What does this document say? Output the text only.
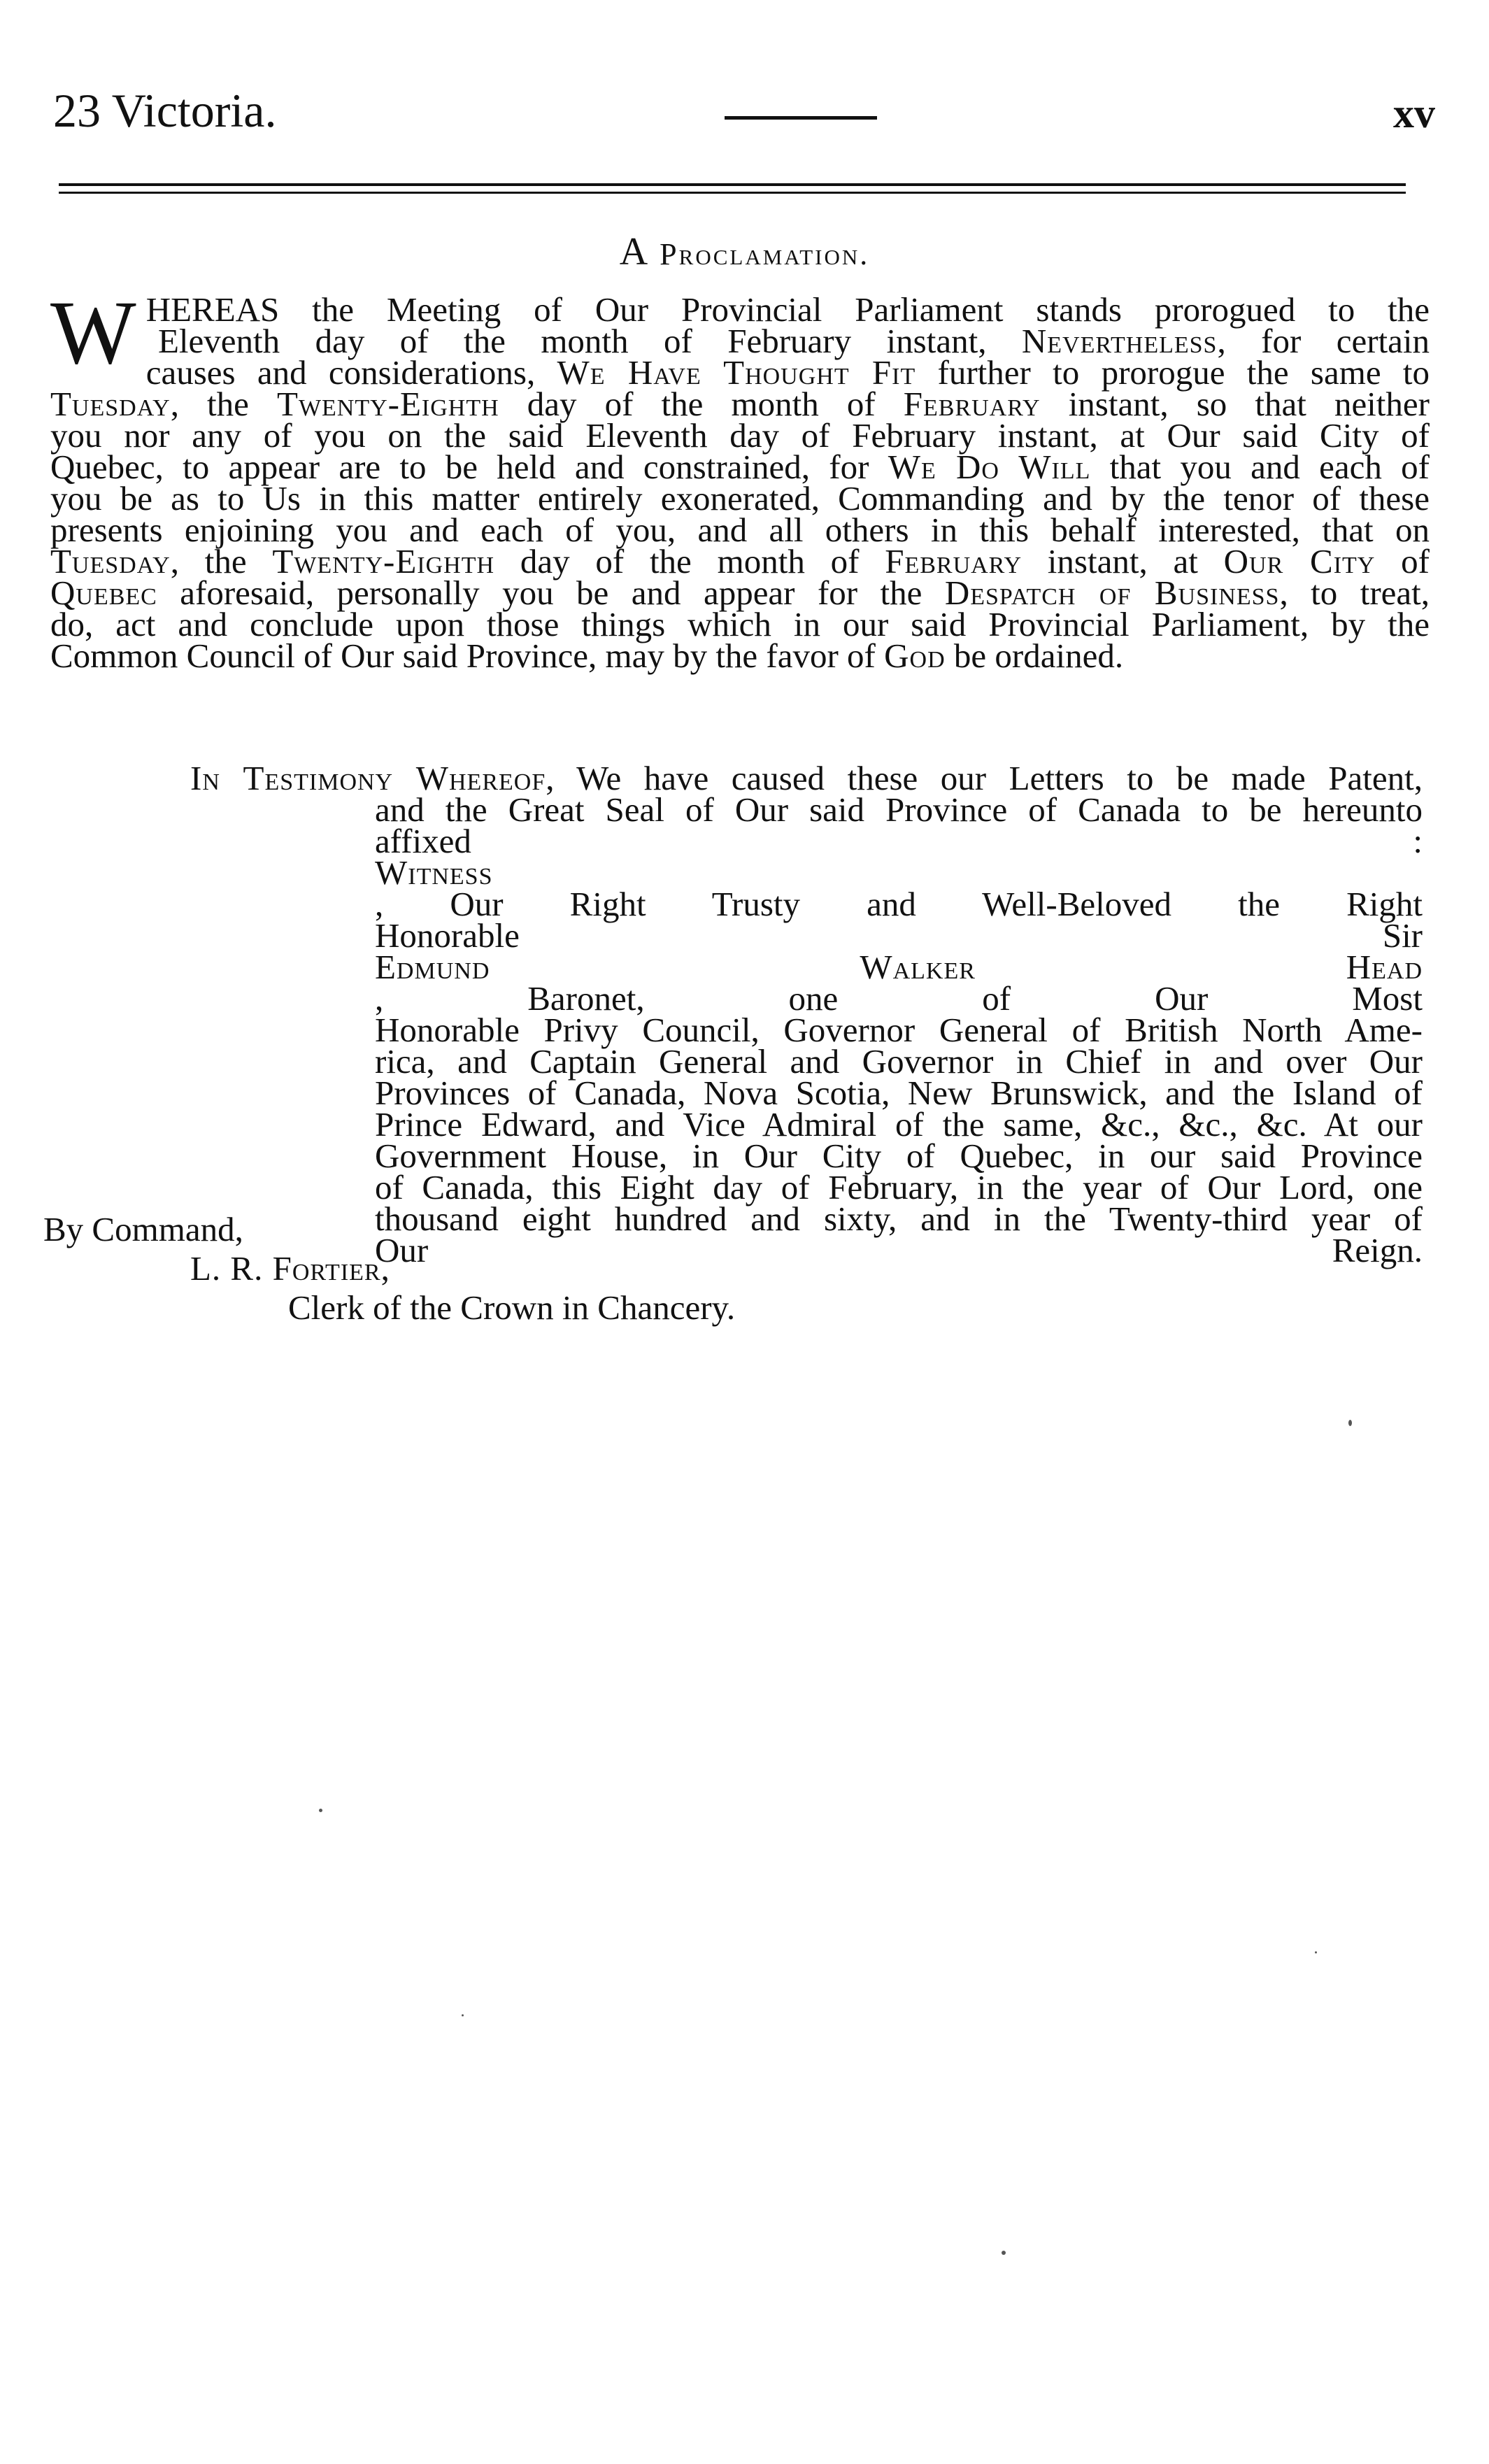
23 Victoria.	xv
A Proclamation.
W HEREAS the Meeting of Our Provincial Parliament stands prorogued to the
Eleventh day of the month of February instant, Nevertheless, for certain
causes and considerations, We Have Thought Fit further to prorogue the same to
Tuesday, the Twenty-Eighth day of the month of February instant, so that neither
you nor any of you on the said Eleventh day of February instant, at Our said City of
Quebec, to appear are to be held and constrained, for We Do Will that you and each of
you be as to Us in this matter entirely exonerated, Commanding and by the tenor of these
presents enjoining you and each of you, and all others in this behalf interested, that on
Tuesday, the Twenty-Eighth day of the month of February instant, at Our City of
Quebec aforesaid, personally you be and appear for the Despatch of Business, to treat,
do, act and conclude upon those things which in our said Provincial Parliament, by the
Common Council of Our said Province, may by the favor of God be ordained.
In Testimony Whereof, We have caused these our Letters to be made Patent,
and the Great Seal of Our said Province of Canada to be hereunto
affixed :
Witness
, Our Right Trusty and Well-Beloved the Right
Honorable Sir
Edmund Walker Head
, Baronet, one of Our Most
Honorable Privy Council, Governor General of British North Ame-
rica, and Captain General and Governor in Chief in and over Our
Provinces of Canada, Nova Scotia, New Brunswick, and the Island of
Prince Edward, and Vice Admiral of the same, &c., &c., &c. At our
Government House, in Our City of Quebec, in our said Province
of Canada, this Eight day of February, in the year of Our Lord, one
thousand eight hundred and sixty, and in the Twenty-third year of
Our Reign.
By Command,
L. R. Fortier,
Clerk of the Crown in Chancery.
